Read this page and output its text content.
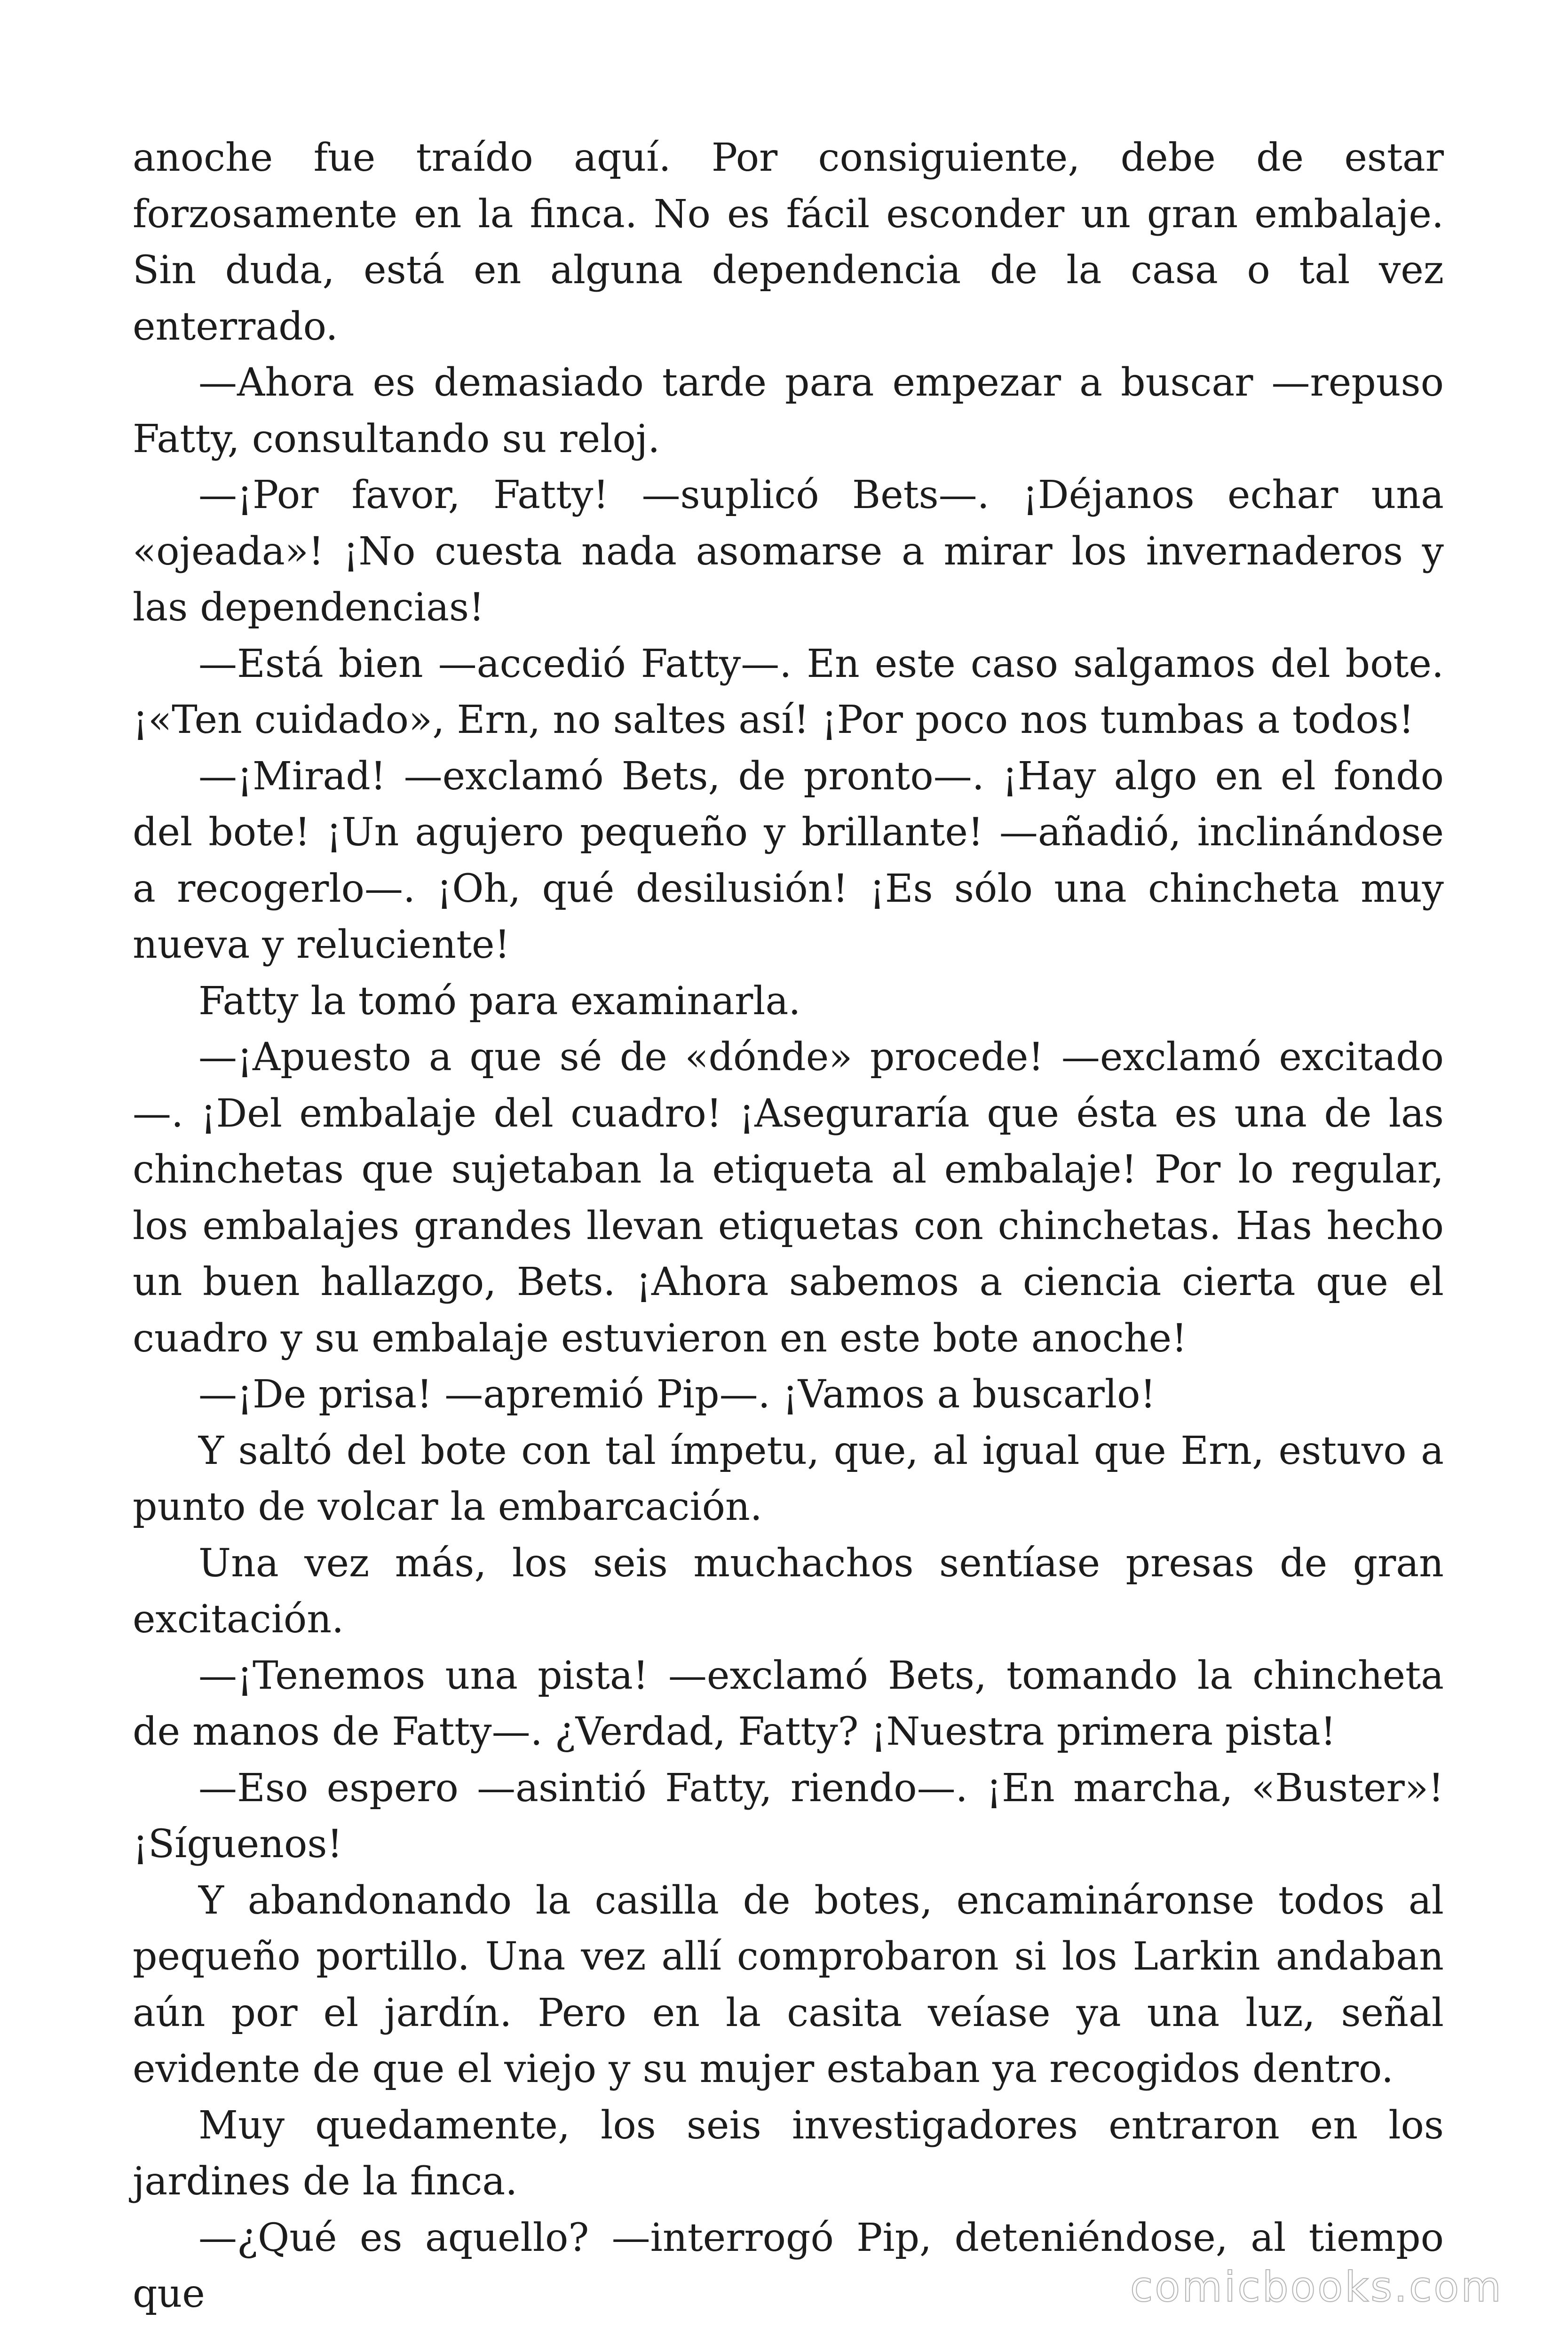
anoche fue traído aquí. Por consiguiente, debe de estar forzosamente en la finca. No es fácil esconder un gran embalaje. Sin duda, está en alguna dependencia de la casa o tal vez enterrado.

—Ahora es demasiado tarde para empezar a buscar —repuso Fatty, consultando su reloj.

—¡Por favor, Fatty! —suplicó Bets—. ¡Déjanos echar una «ojeada»! ¡No cuesta nada asomarse a mirar los invernaderos y las dependencias!

—Está bien —accedió Fatty—. En este caso salgamos del bote. ¡«Ten cuidado», Ern, no saltes así! ¡Por poco nos tumbas a todos!

—¡Mirad! —exclamó Bets, de pronto—. ¡Hay algo en el fondo del bote! ¡Un agujero pequeño y brillante! —añadió, inclinándose a recogerlo—. ¡Oh, qué desilusión! ¡Es sólo una chincheta muy nueva y reluciente!

Fatty la tomó para examinarla.

—¡Apuesto a que sé de «dónde» procede! —exclamó excitado—. ¡Del embalaje del cuadro! ¡Aseguraría que ésta es una de las chinchetas que sujetaban la etiqueta al embalaje! Por lo regular, los embalajes grandes llevan etiquetas con chinchetas. Has hecho un buen hallazgo, Bets. ¡Ahora sabemos a ciencia cierta que el cuadro y su embalaje estuvieron en este bote anoche!

—¡De prisa! —apremió Pip—. ¡Vamos a buscarlo!

Y saltó del bote con tal ímpetu, que, al igual que Ern, estuvo a punto de volcar la embarcación.

Una vez más, los seis muchachos sentíase presas de gran excitación.

—¡Tenemos una pista! —exclamó Bets, tomando la chincheta de manos de Fatty—. ¿Verdad, Fatty? ¡Nuestra primera pista!

—Eso espero —asintió Fatty, riendo—. ¡En marcha, «Buster»! ¡Síguenos!

Y abandonando la casilla de botes, encamináronse todos al pequeño portillo. Una vez allí comprobaron si los Larkin andaban aún por el jardín. Pero en la casita veíase ya una luz, señal evidente de que el viejo y su mujer estaban ya recogidos dentro.

Muy quedamente, los seis investigadores entraron en los jardines de la finca.

—¿Qué es aquello? —interrogó Pip, deteniéndose, al tiempo que	comicbooks.com
